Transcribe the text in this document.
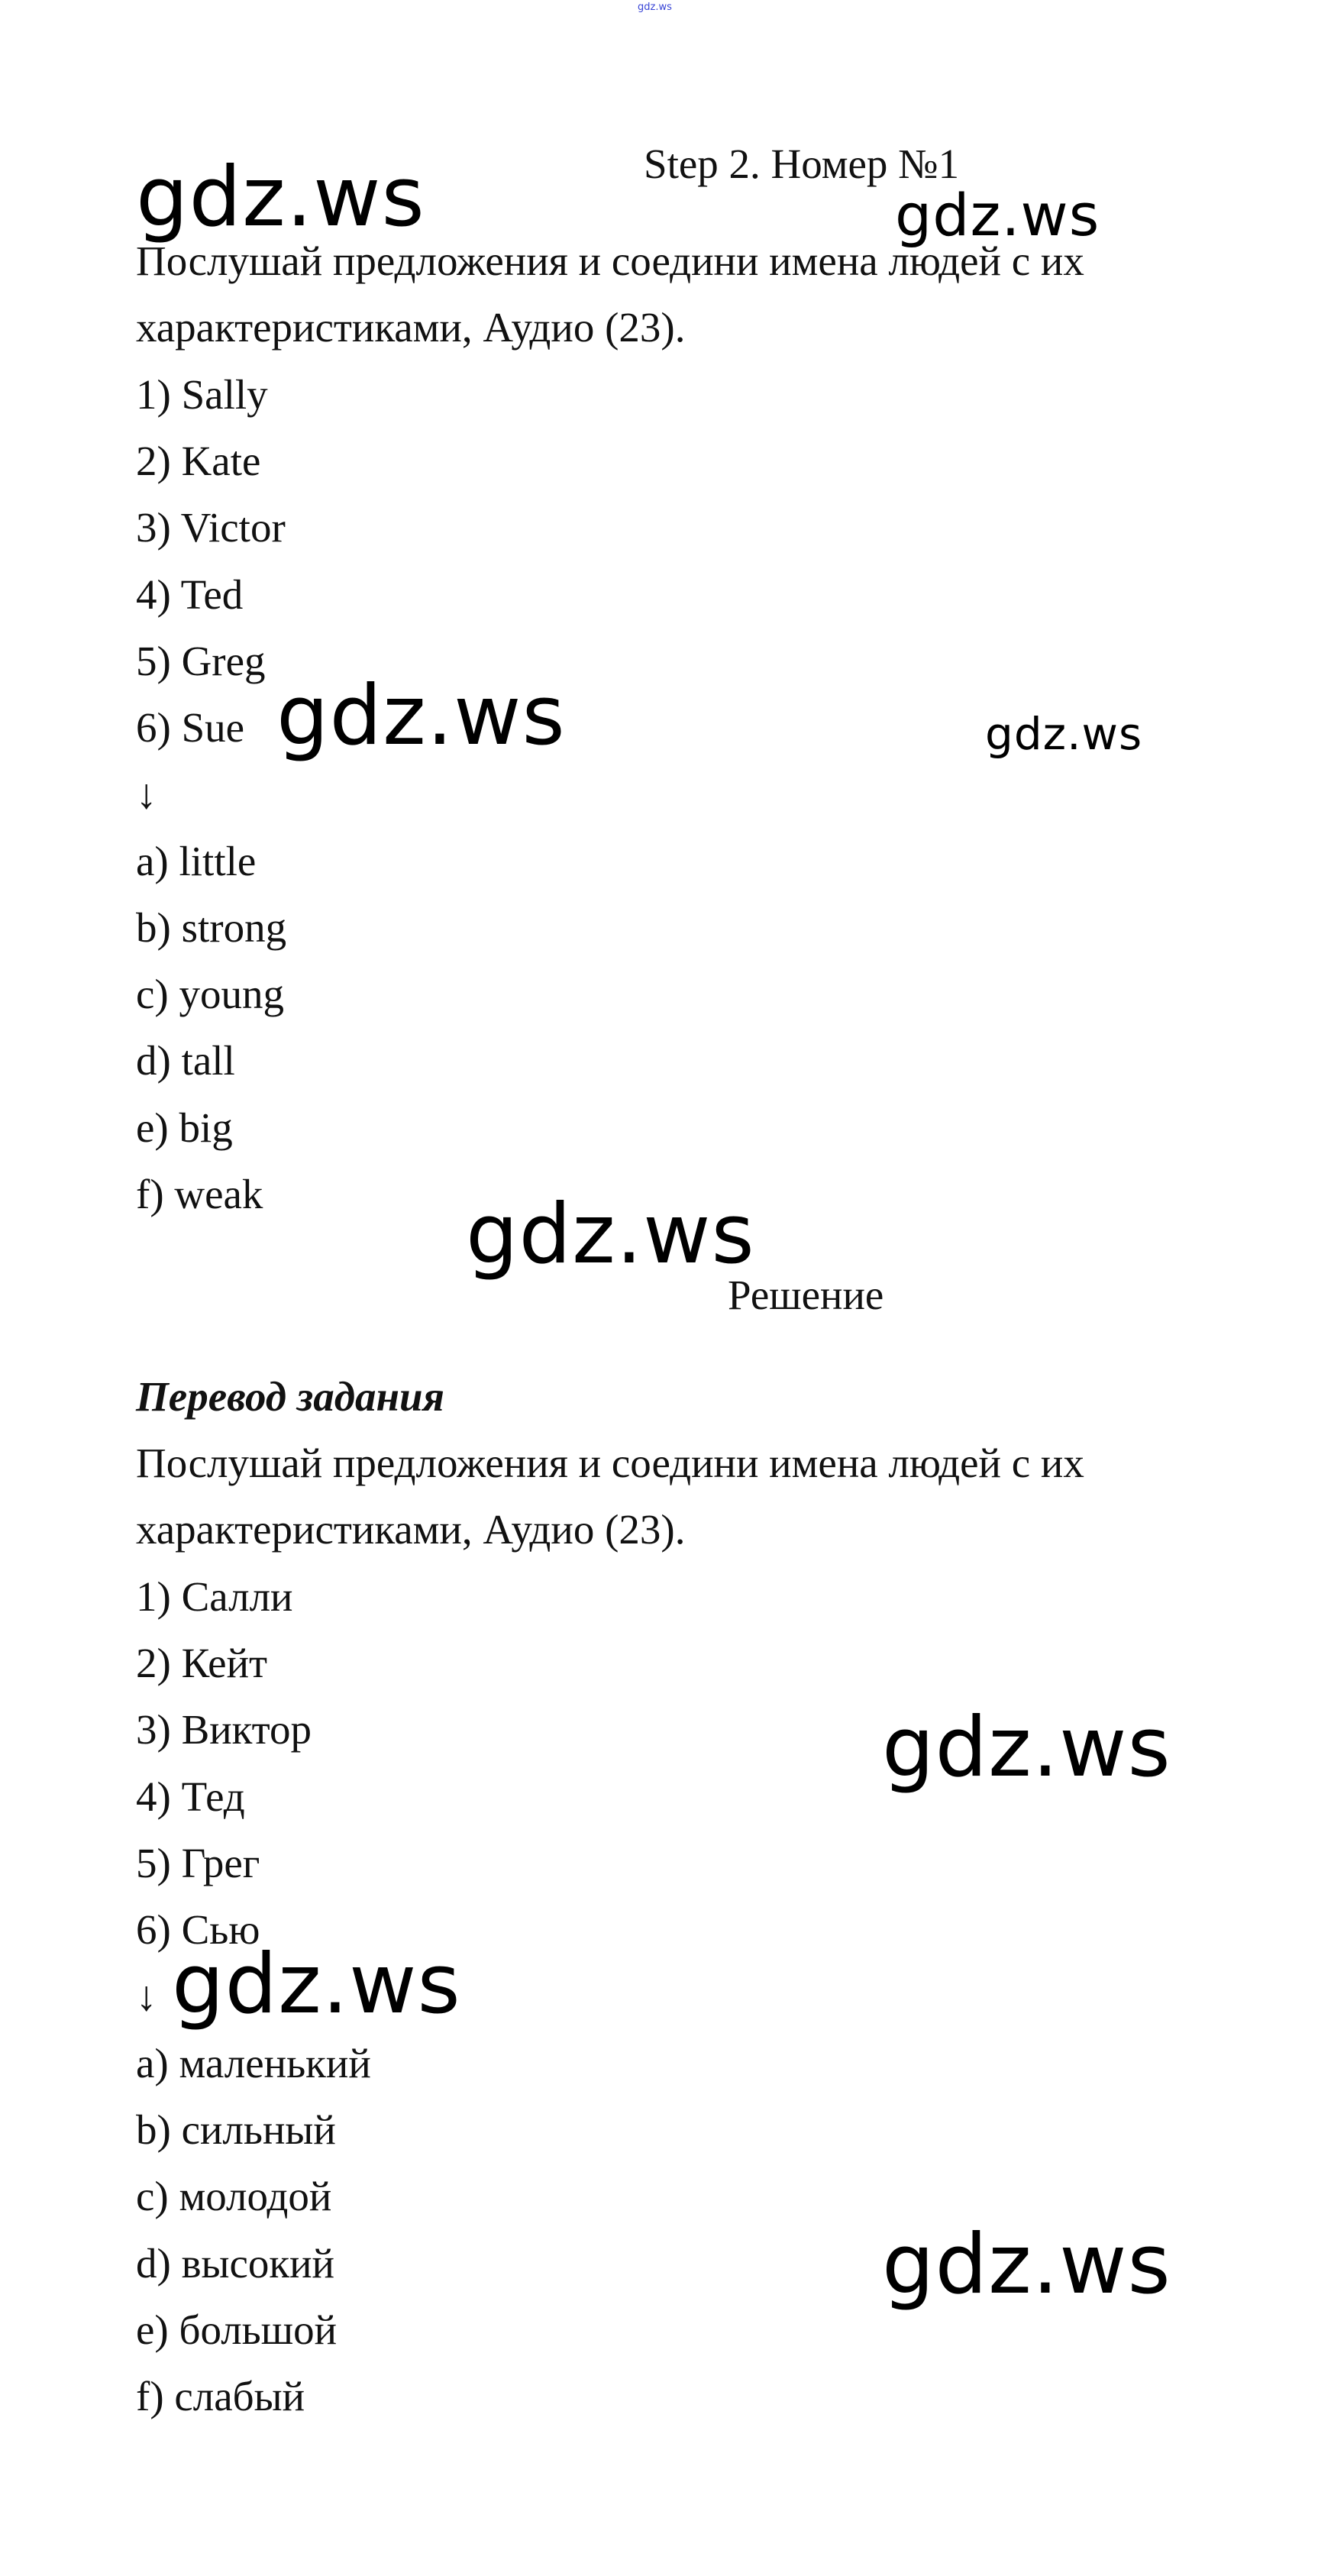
gdz.ws
gdz.ws	gdz.ws
gdz.ws	gdz.ws
gdz.ws
gdz.ws
gdz.ws
gdz.ws
Step 2. Номер №1
Послушай предложения и соедини имена людей с их
характеристиками, Аудио (23).
1) Sally
2) Kate
3) Victor
4) Ted
5) Greg
6) Sue
↓
a) little
b) strong
c) young
d) tall
e) big
f) weak
Решение
Перевод задания
Послушай предложения и соедини имена людей с их
характеристиками, Аудио (23).
1) Салли
2) Кейт
3) Виктор
4) Тед
5) Грег
6) Сью
↓
a) маленький
b) сильный
c) молодой
d) высокий
e) большой
f) слабый
